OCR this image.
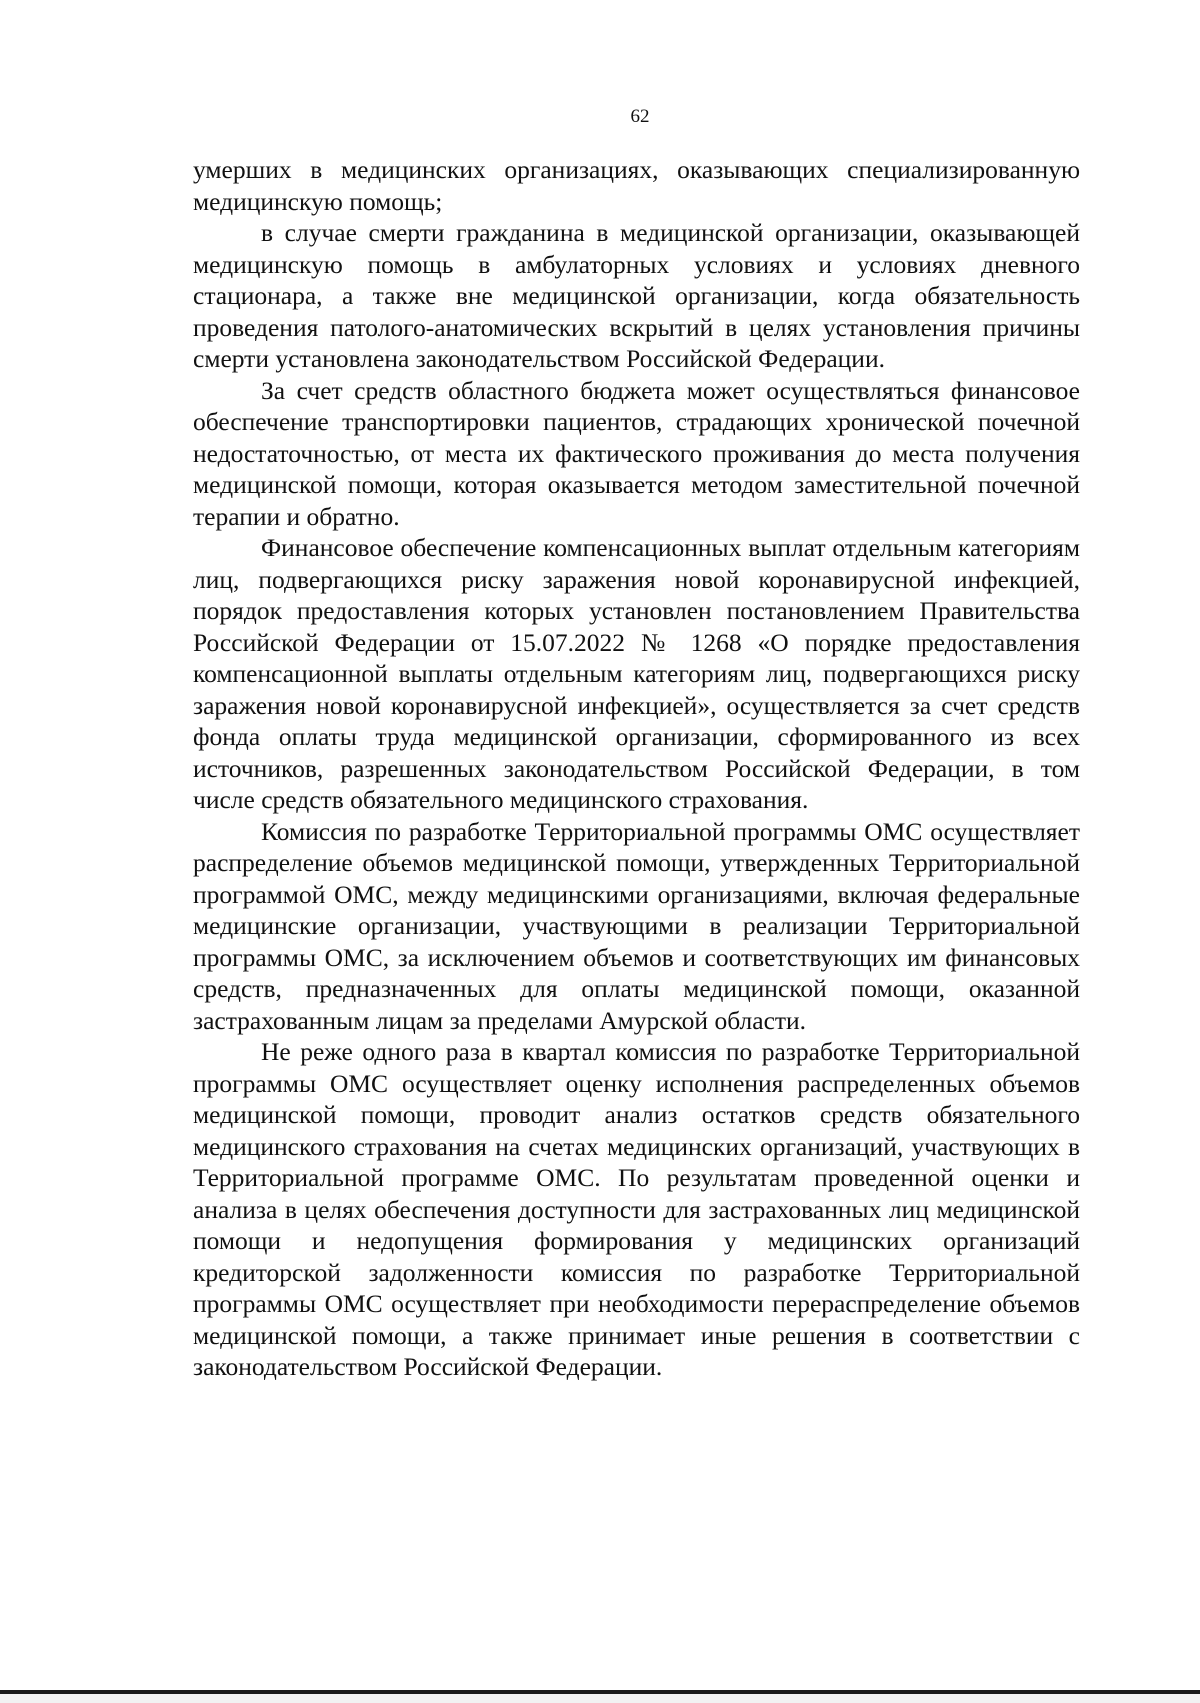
62

умерших в медицинских организациях, оказывающих специализированную медицинскую помощь;

в случае смерти гражданина в медицинской организации, оказывающей медицинскую помощь в амбулаторных условиях и условиях дневного стационара, а также вне медицинской организации, когда обязательность проведения патолого-анатомических вскрытий в целях установления причины смерти установлена законодательством Российской Федерации.

За счет средств областного бюджета может осуществляться финансовое обеспечение транспортировки пациентов, страдающих хронической почечной недостаточностью, от места их фактического проживания до места получения медицинской помощи, которая оказывается методом заместительной почечной терапии и обратно.

Финансовое обеспечение компенсационных выплат отдельным категориям лиц, подвергающихся риску заражения новой коронавирусной инфекцией, порядок предоставления которых установлен постановлением Правительства Российской Федерации от 15.07.2022 № 1268 «О порядке предоставления компенсационной выплаты отдельным категориям лиц, подвергающихся риску заражения новой коронавирусной инфекцией», осуществляется за счет средств фонда оплаты труда медицинской организации, сформированного из всех источников, разрешенных законодательством Российской Федерации, в том числе средств обязательного медицинского страхования.

Комиссия по разработке Территориальной программы ОМС осуществляет распределение объемов медицинской помощи, утвержденных Территориальной программой ОМС, между медицинскими организациями, включая федеральные медицинские организации, участвующими в реализации Территориальной программы ОМС, за исключением объемов и соответствующих им финансовых средств, предназначенных для оплаты медицинской помощи, оказанной застрахованным лицам за пределами Амурской области.

Не реже одного раза в квартал комиссия по разработке Территориальной программы ОМС осуществляет оценку исполнения распределенных объемов медицинской помощи, проводит анализ остатков средств обязательного медицинского страхования на счетах медицинских организаций, участвующих в Территориальной программе ОМС. По результатам проведенной оценки и анализа в целях обеспечения доступности для застрахованных лиц медицинской помощи и недопущения формирования у медицинских организаций кредиторской задолженности комиссия по разработке Территориальной программы ОМС осуществляет при необходимости перераспределение объемов медицинской помощи, а также принимает иные решения в соответствии с законодательством Российской Федерации.
